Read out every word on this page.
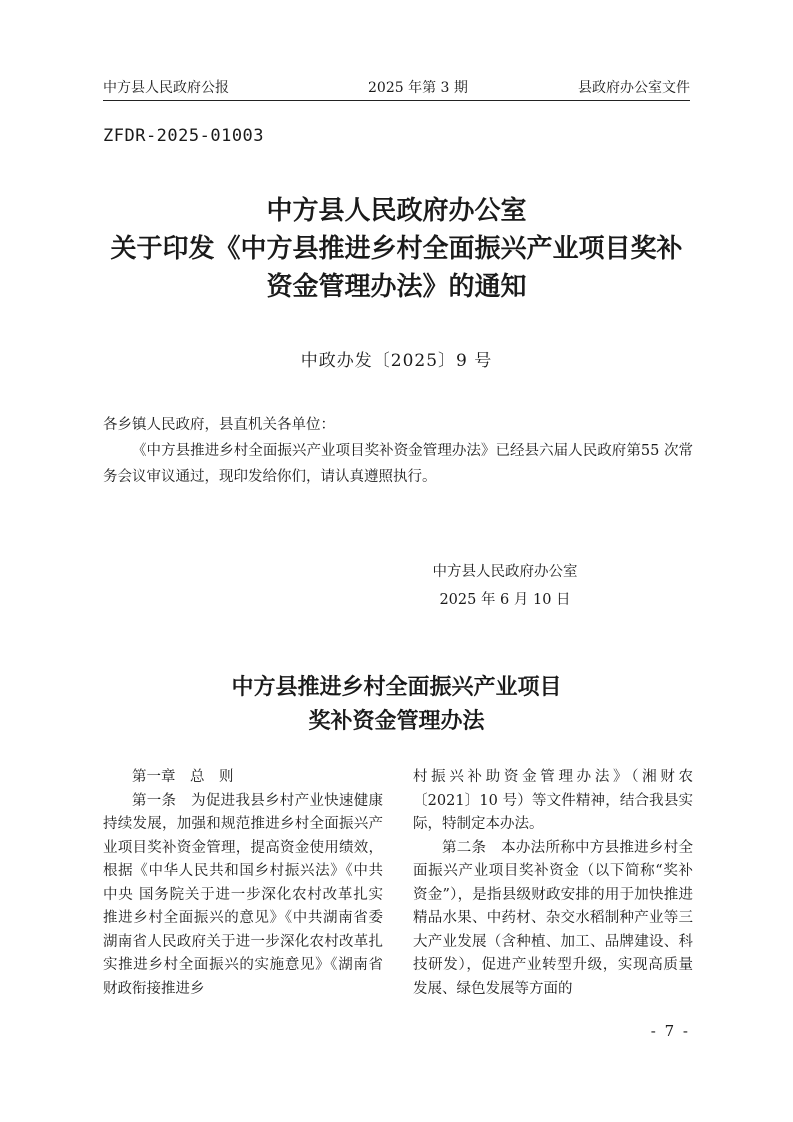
中方县人民政府公报	2025 年第 3 期	县政府办公室文件
ZFDR-2025-01003
中方县人民政府办公室
关于印发《中方县推进乡村全面振兴产业项目奖补
资金管理办法》的通知
中政办发〔2025〕9 号
各乡镇人民政府，县直机关各单位：
《中方县推进乡村全面振兴产业项目奖补资金管理办法》已经县六届人民政府第55 次常务会议审议通过，现印发给你们，请认真遵照执行。
中方县人民政府办公室
2025 年 6 月 10 日
中方县推进乡村全面振兴产业项目
奖补资金管理办法

第一章　总　则

第一条　为促进我县乡村产业快速健康持续发展，加强和规范推进乡村全面振兴产业项目奖补资金管理，提高资金使用绩效，根据《中华人民共和国乡村振兴法》《中共中央 国务院关于进一步深化农村改革扎实推进乡村全面振兴的意见》《中共湖南省委 湖南省人民政府关于进一步深化农村改革扎实推进乡村全面振兴的实施意见》《湖南省财政衔接推进乡

村振兴补助资金管理办法》（湘财农〔2021〕10 号）等文件精神，结合我县实际，特制定本办法。

第二条　本办法所称中方县推进乡村全面振兴产业项目奖补资金（以下简称“奖补资金”），是指县级财政安排的用于加快推进精品水果、中药材、杂交水稻制种产业等三大产业发展（含种植、加工、品牌建设、科技研发），促进产业转型升级，实现高质量发展、绿色发展等方面的

- 7 -
